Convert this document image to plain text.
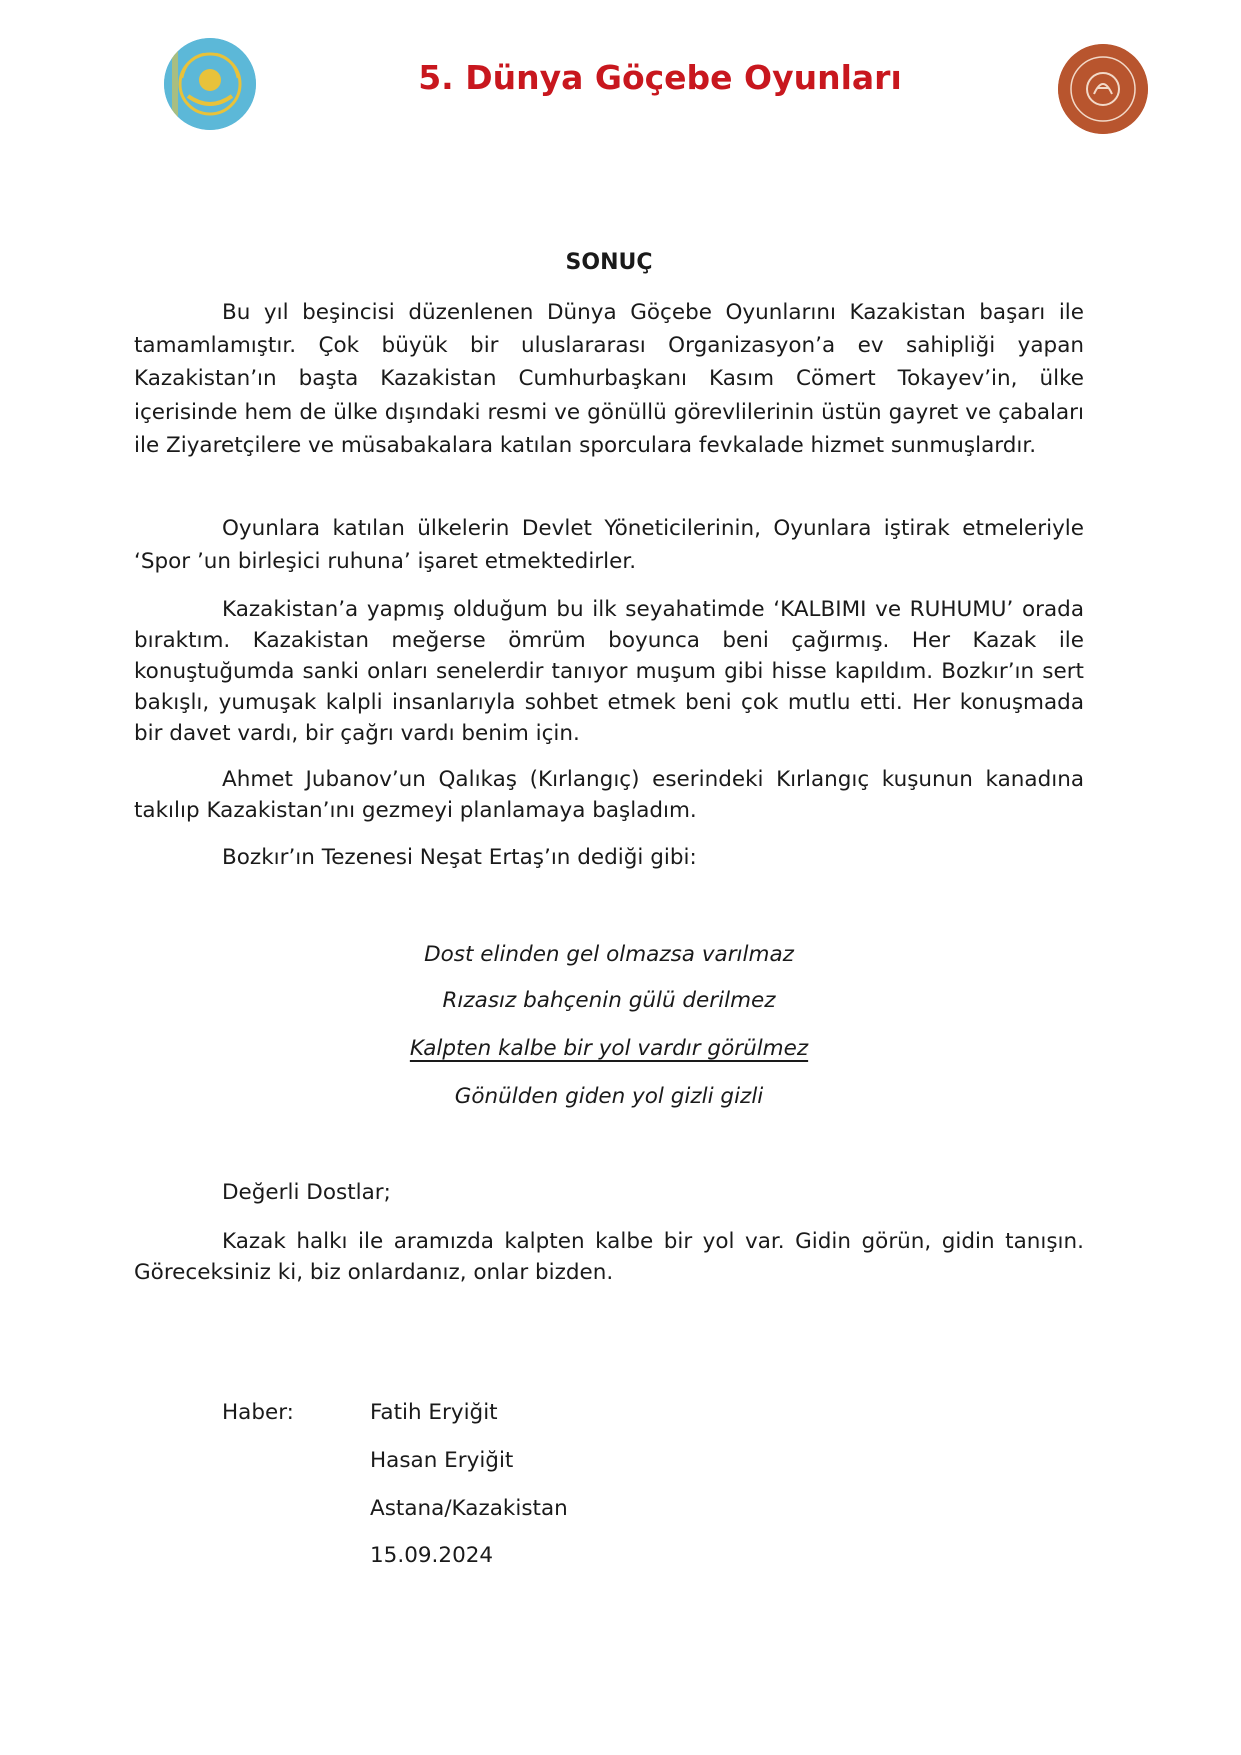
5. Dünya Göçebe Oyunları
SONUÇ

Bu yıl beşincisi düzenlenen Dünya Göçebe Oyunlarını Kazakistan başarı ile tamamlamıştır. Çok büyük bir uluslararası Organizasyon’a ev sahipliği yapan Kazakistan’ın başta Kazakistan Cumhurbaşkanı Kasım Cömert Tokayev’in, ülke içerisinde hem de ülke dışındaki resmi ve gönüllü görevlilerinin üstün gayret ve çabaları ile Ziyaretçilere ve müsabakalara katılan sporculara fevkalade hizmet sunmuşlardır.

Oyunlara katılan ülkelerin Devlet Yöneticilerinin, Oyunlara iştirak etmeleriyle ‘Spor ’un birleşici ruhuna’ işaret etmektedirler.

Kazakistan’a yapmış olduğum bu ilk seyahatimde ‘KALBIMI ve RUHUMU’ orada bıraktım. Kazakistan meğerse ömrüm boyunca beni çağırmış. Her Kazak ile konuştuğumda sanki onları senelerdir tanıyor muşum gibi hisse kapıldım. Bozkır’ın sert bakışlı, yumuşak kalpli insanlarıyla sohbet etmek beni çok mutlu etti. Her konuşmada bir davet vardı, bir çağrı vardı benim için.

Ahmet Jubanov’un Qalıkaş (Kırlangıç) eserindeki Kırlangıç kuşunun kanadına takılıp Kazakistan’ını gezmeyi planlamaya başladım.

Bozkır’ın Tezenesi Neşat Ertaş’ın dediği gibi:

Dost elinden gel olmazsa varılmaz

Rızasız bahçenin gülü derilmez

Kalpten kalbe bir yol vardır görülmez

Gönülden giden yol gizli gizli

Değerli Dostlar;

Kazak halkı ile aramızda kalpten kalbe bir yol var. Gidin görün, gidin tanışın. Göreceksiniz ki, biz onlardanız, onlar bizden.

Haber:	Fatih Eryiğit

Hasan Eryiğit

Astana/Kazakistan

15.09.2024
